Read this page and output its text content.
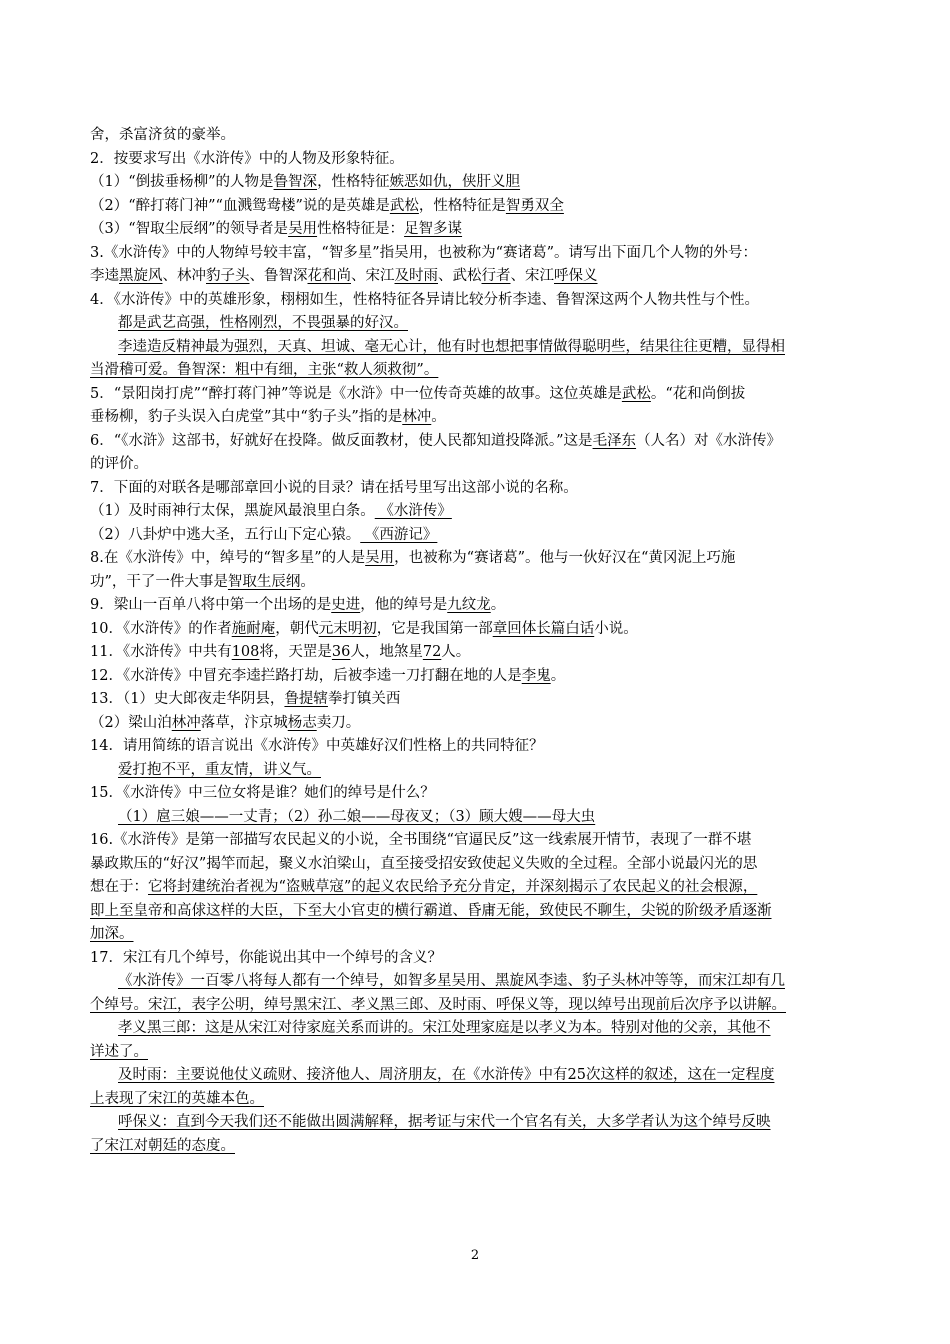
舍，杀富济贫的豪举。
2．按要求写出《水浒传》中的人物及形象特征。
（1）“倒拔垂杨柳”的人物是鲁智深，性格特征嫉恶如仇，侠肝义胆
（2）“醉打蒋门神”“血溅鸳鸯楼”说的是英雄是武松，性格特征是智勇双全
（3）“智取尘辰纲”的领导者是吴用性格特征是：足智多谋
3.《水浒传》中的人物绰号较丰富，“智多星”指吴用，也被称为“赛诸葛”。请写出下面几个人物的外号：
李逵黑旋风、林冲豹子头、鲁智深花和尚、宋江及时雨、武松行者、宋江呼保义
4．《水浒传》中的英雄形象，栩栩如生，性格特征各异请比较分析李逵、鲁智深这两个人物共性与个性。
都是武艺高强，性格刚烈，不畏强暴的好汉。
李逵造反精神最为强烈，天真、坦诚、毫无心计，他有时也想把事情做得聪明些，结果往往更糟，显得相
当滑稽可爱。鲁智深：粗中有细，主张“救人须救彻”。
5．“景阳岗打虎”“醉打蒋门神”等说是《水浒》中一位传奇英雄的故事。这位英雄是武松。“花和尚倒拔
垂杨柳，豹子头误入白虎堂”其中“豹子头”指的是林冲。
6．“《水浒》这部书，好就好在投降。做反面教材，使人民都知道投降派。”这是毛泽东（人名）对《水浒传》
的评价。
7．下面的对联各是哪部章回小说的目录？请在括号里写出这部小说的名称。
（1）及时雨神行太保，黑旋风最浪里白条。 《水浒传》
（2）八卦炉中逃大圣，五行山下定心猿。 《西游记》
8.在《水浒传》中，绰号的“智多星”的人是吴用，也被称为“赛诸葛”。他与一伙好汉在“黄冈泥上巧施
功”，干了一件大事是智取生辰纲。
9．梁山一百单八将中第一个出场的是史进，他的绰号是九纹龙。
10．《水浒传》的作者施耐庵，朝代元末明初，它是我国第一部章回体长篇白话小说。
11．《水浒传》中共有108将，天罡是36人，地煞星72人。
12．《水浒传》中冒充李逵拦路打劫，后被李逵一刀打翻在地的人是李鬼。
13．（1）史大郎夜走华阴县，鲁提辖拳打镇关西
（2）梁山泊林冲落草，汴京城杨志卖刀。
14．请用简练的语言说出《水浒传》中英雄好汉们性格上的共同特征？
爱打抱不平，重友情，讲义气。
15．《水浒传》中三位女将是谁？她们的绰号是什么？
（1）扈三娘——一丈青；（2）孙二娘——母夜叉；（3）顾大嫂——母大虫
16.《水浒传》是第一部描写农民起义的小说，全书围绕“官逼民反”这一线索展开情节，表现了一群不堪
暴政欺压的“好汉”揭竿而起，聚义水泊梁山，直至接受招安致使起义失败的全过程。全部小说最闪光的思
想在于：它将封建统治者视为“盗贼草寇”的起义农民给予充分肯定，并深刻揭示了农民起义的社会根源，
即上至皇帝和高俅这样的大臣，下至大小官吏的横行霸道、昏庸无能，致使民不聊生，尖锐的阶级矛盾逐渐
加深。
17．宋江有几个绰号，你能说出其中一个绰号的含义？
《水浒传》一百零八将每人都有一个绰号，如智多星吴用、黑旋风李逵、豹子头林冲等等，而宋江却有几
个绰号。宋江，表字公明，绰号黑宋江、孝义黑三郎、及时雨、呼保义等，现以绰号出现前后次序予以讲解。
孝义黑三郎：这是从宋江对待家庭关系而讲的。宋江处理家庭是以孝义为本。特别对他的父亲，其他不
详述了。
及时雨：主要说他仗义疏财、接济他人、周济朋友，在《水浒传》中有25次这样的叙述，这在一定程度
上表现了宋江的英雄本色。
呼保义：直到今天我们还不能做出圆满解释，据考证与宋代一个官名有关，大多学者认为这个绰号反映
了宋江对朝廷的态度。
2
